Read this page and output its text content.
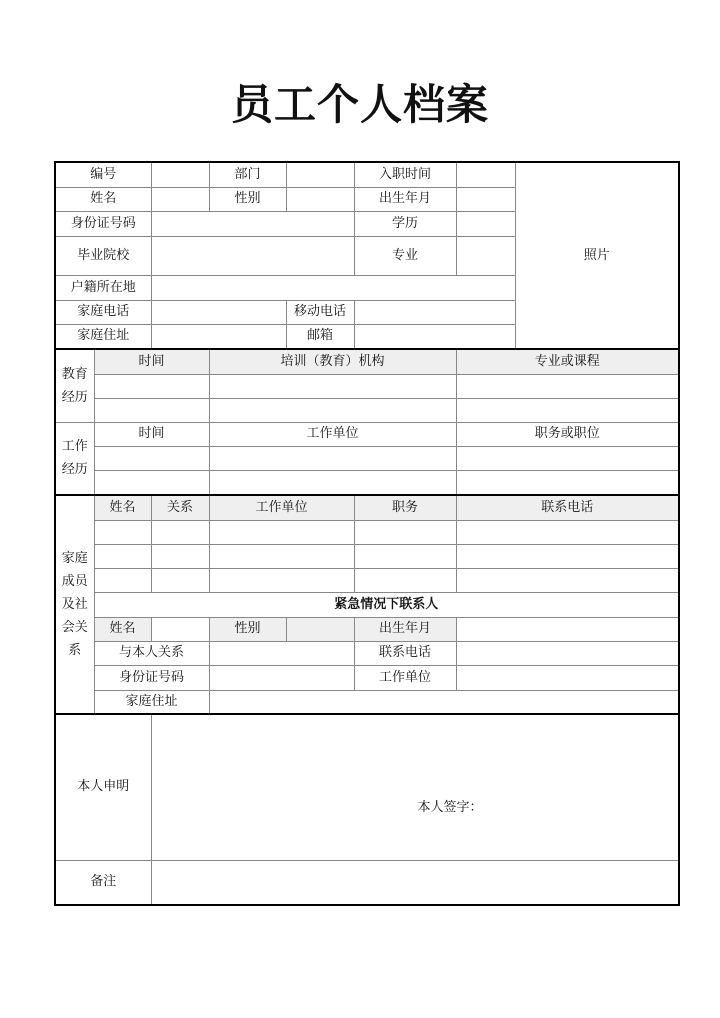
员工个人档案
编号			部门		入职时间		照片
姓名			性别		出生年月		
身份证号码					学历		
毕业院校					专业		
户籍所在地							
家庭电话				移动电话			
家庭住址				邮箱			
教育
经历	时间		培训（教育）机构			专业或课程	

工作
经历	时间		工作单位			职务或职位	

家庭
成员
及社
会关
系	姓名	关系	工作单位		职务	联系电话	

	紧急情况下联系人						
	姓名		性别		出生年月		
	与本人关系				联系电话		
	身份证号码				工作单位		
	家庭住址						
本人申明		本人签字：					

备注							
